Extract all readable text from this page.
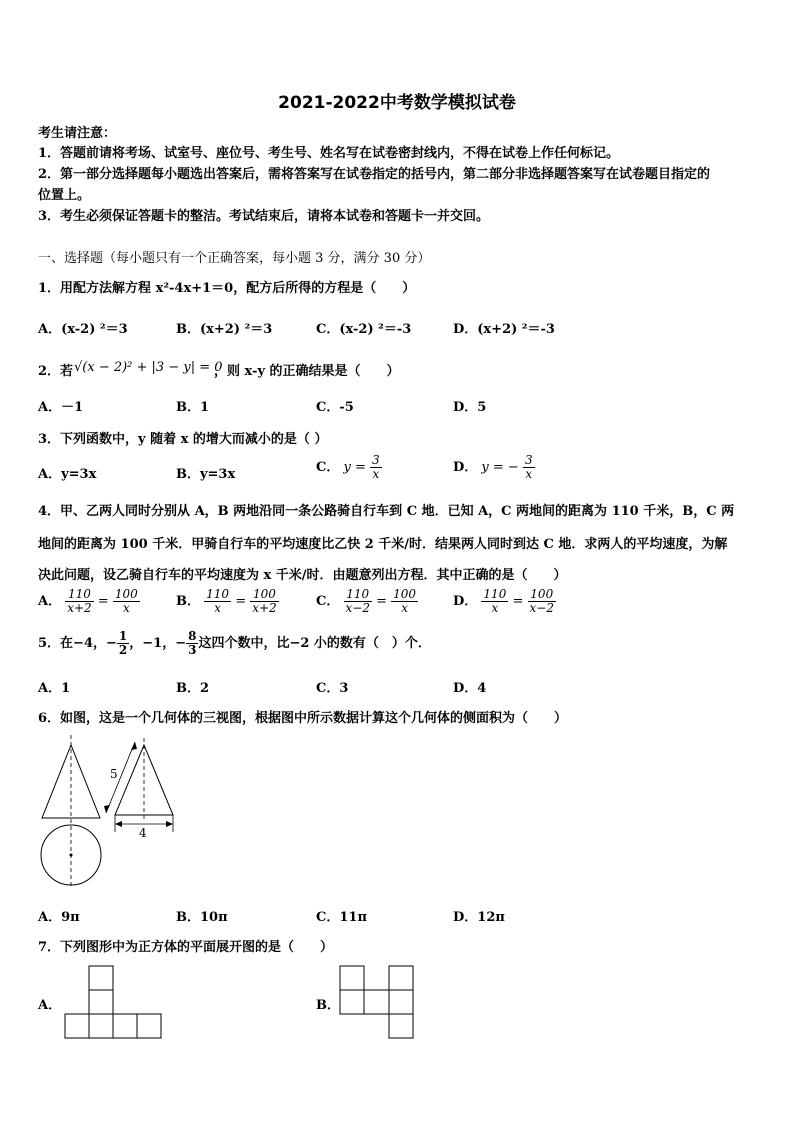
2021-2022中考数学模拟试卷
考生请注意：
1．答题前请将考场、试室号、座位号、考生号、姓名写在试卷密封线内，不得在试卷上作任何标记。
2．第一部分选择题每小题选出答案后，需将答案写在试卷指定的括号内，第二部分非选择题答案写在试卷题目指定的
位置上。
3．考生必须保证答题卡的整洁。考试结束后，请将本试卷和答题卡一并交回。
一、选择题（每小题只有一个正确答案，每小题 3 分，满分 30 分）
1．用配方法解方程 x²-4x+1＝0，配方后所得的方程是（　　）
A．(x-2) ²＝3	B．(x+2) ²＝3	C．(x-2) ²＝-3	D．(x+2) ²＝-3
2．若 √(x − 2)² + |3 − y| = 0
，则 x-y 的正确结果是（　　）
A．－1	B．1	C．-5	D．5
3．下列函数中，y 随着 x 的增大而减小的是（ ）
A．y=3x	B．y=3x	C． $y = \frac{3}{x}$	D． y = − $\frac{3}{x}$
4．甲、乙两人同时分别从 A，B 两地沿同一条公路骑自行车到 C 地．已知 A，C 两地间的距离为 110 千米，B，C 两
地间的距离为 100 千米．甲骑自行车的平均速度比乙快 2 千米/时．结果两人同时到达 C 地．求两人的平均速度，为解
决此问题，设乙骑自行车的平均速度为 x 千米/时．由题意列出方程．其中正确的是（　　）
A． $\frac{110}{x+2} = \frac{100}{x}$	B． $\frac{110}{x} = \frac{100}{x+2}$	C． $\frac{110}{x-2} = \frac{100}{x}$	D． $\frac{110}{x} = \frac{100}{x-2}$
5．在−4，− $\frac{1}{2}$ ，−1，− $\frac{8}{3}$ 这四个数中，比−2 小的数有（　）个．
A．1	B．2	C．3	D．4
6．如图，这是一个几何体的三视图，根据图中所示数据计算这个几何体的侧面积为（　　）
5
4
A．9π	B．10π	C．11π	D．12π
7．下列图形中为正方体的平面展开图的是（　　）
A．	B．
